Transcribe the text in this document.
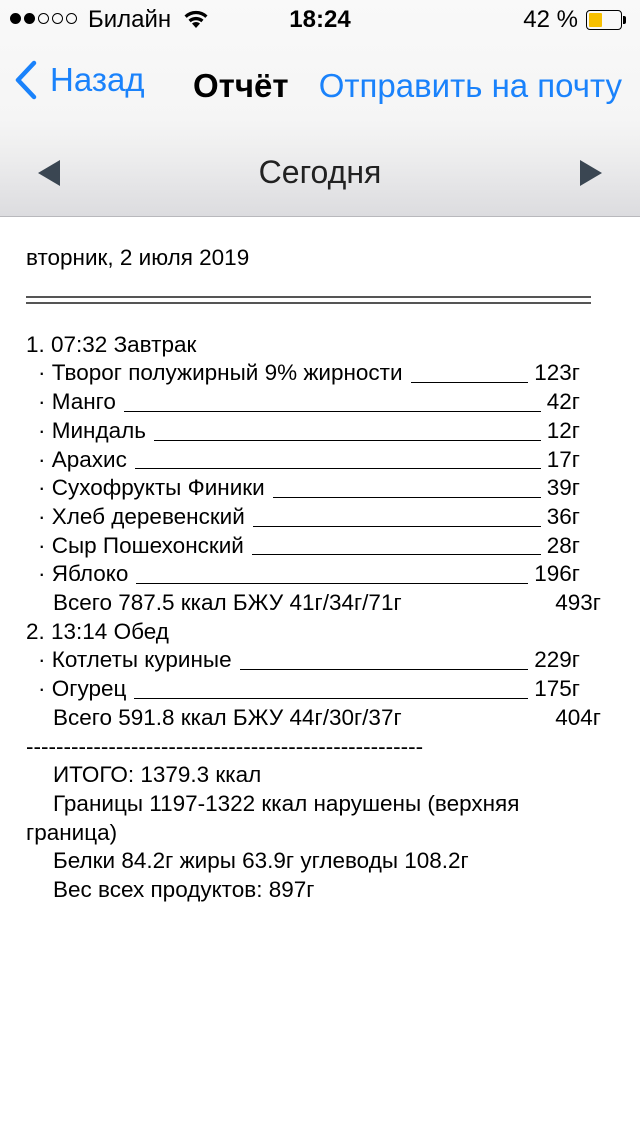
Билайн	18:24	42 %
Назад Отчёт Отправить на почту
Сегодня
вторник, 2 июля 2019
1. 07:32 Завтрак
· Творог полужирный 9% жирности	123г
· Манго	42г
· Миндаль	12г
· Арахис	17г
· Сухофрукты Финики	39г
· Хлеб деревенский	36г
· Сыр Пошехонский	28г
· Яблоко	196г
Всего 787.5 ккал БЖУ 41г/34г/71г	493г
2. 13:14 Обед
· Котлеты куриные	229г
· Огурец	175г
Всего 591.8 ккал БЖУ 44г/30г/37г	404г
-----------------------------------------------------
ИТОГО: 1379.3 ккал
Границы 1197-1322 ккал нарушены (верхняя
граница)
Белки 84.2г жиры 63.9г углеводы 108.2г
Вес всех продуктов: 897г
